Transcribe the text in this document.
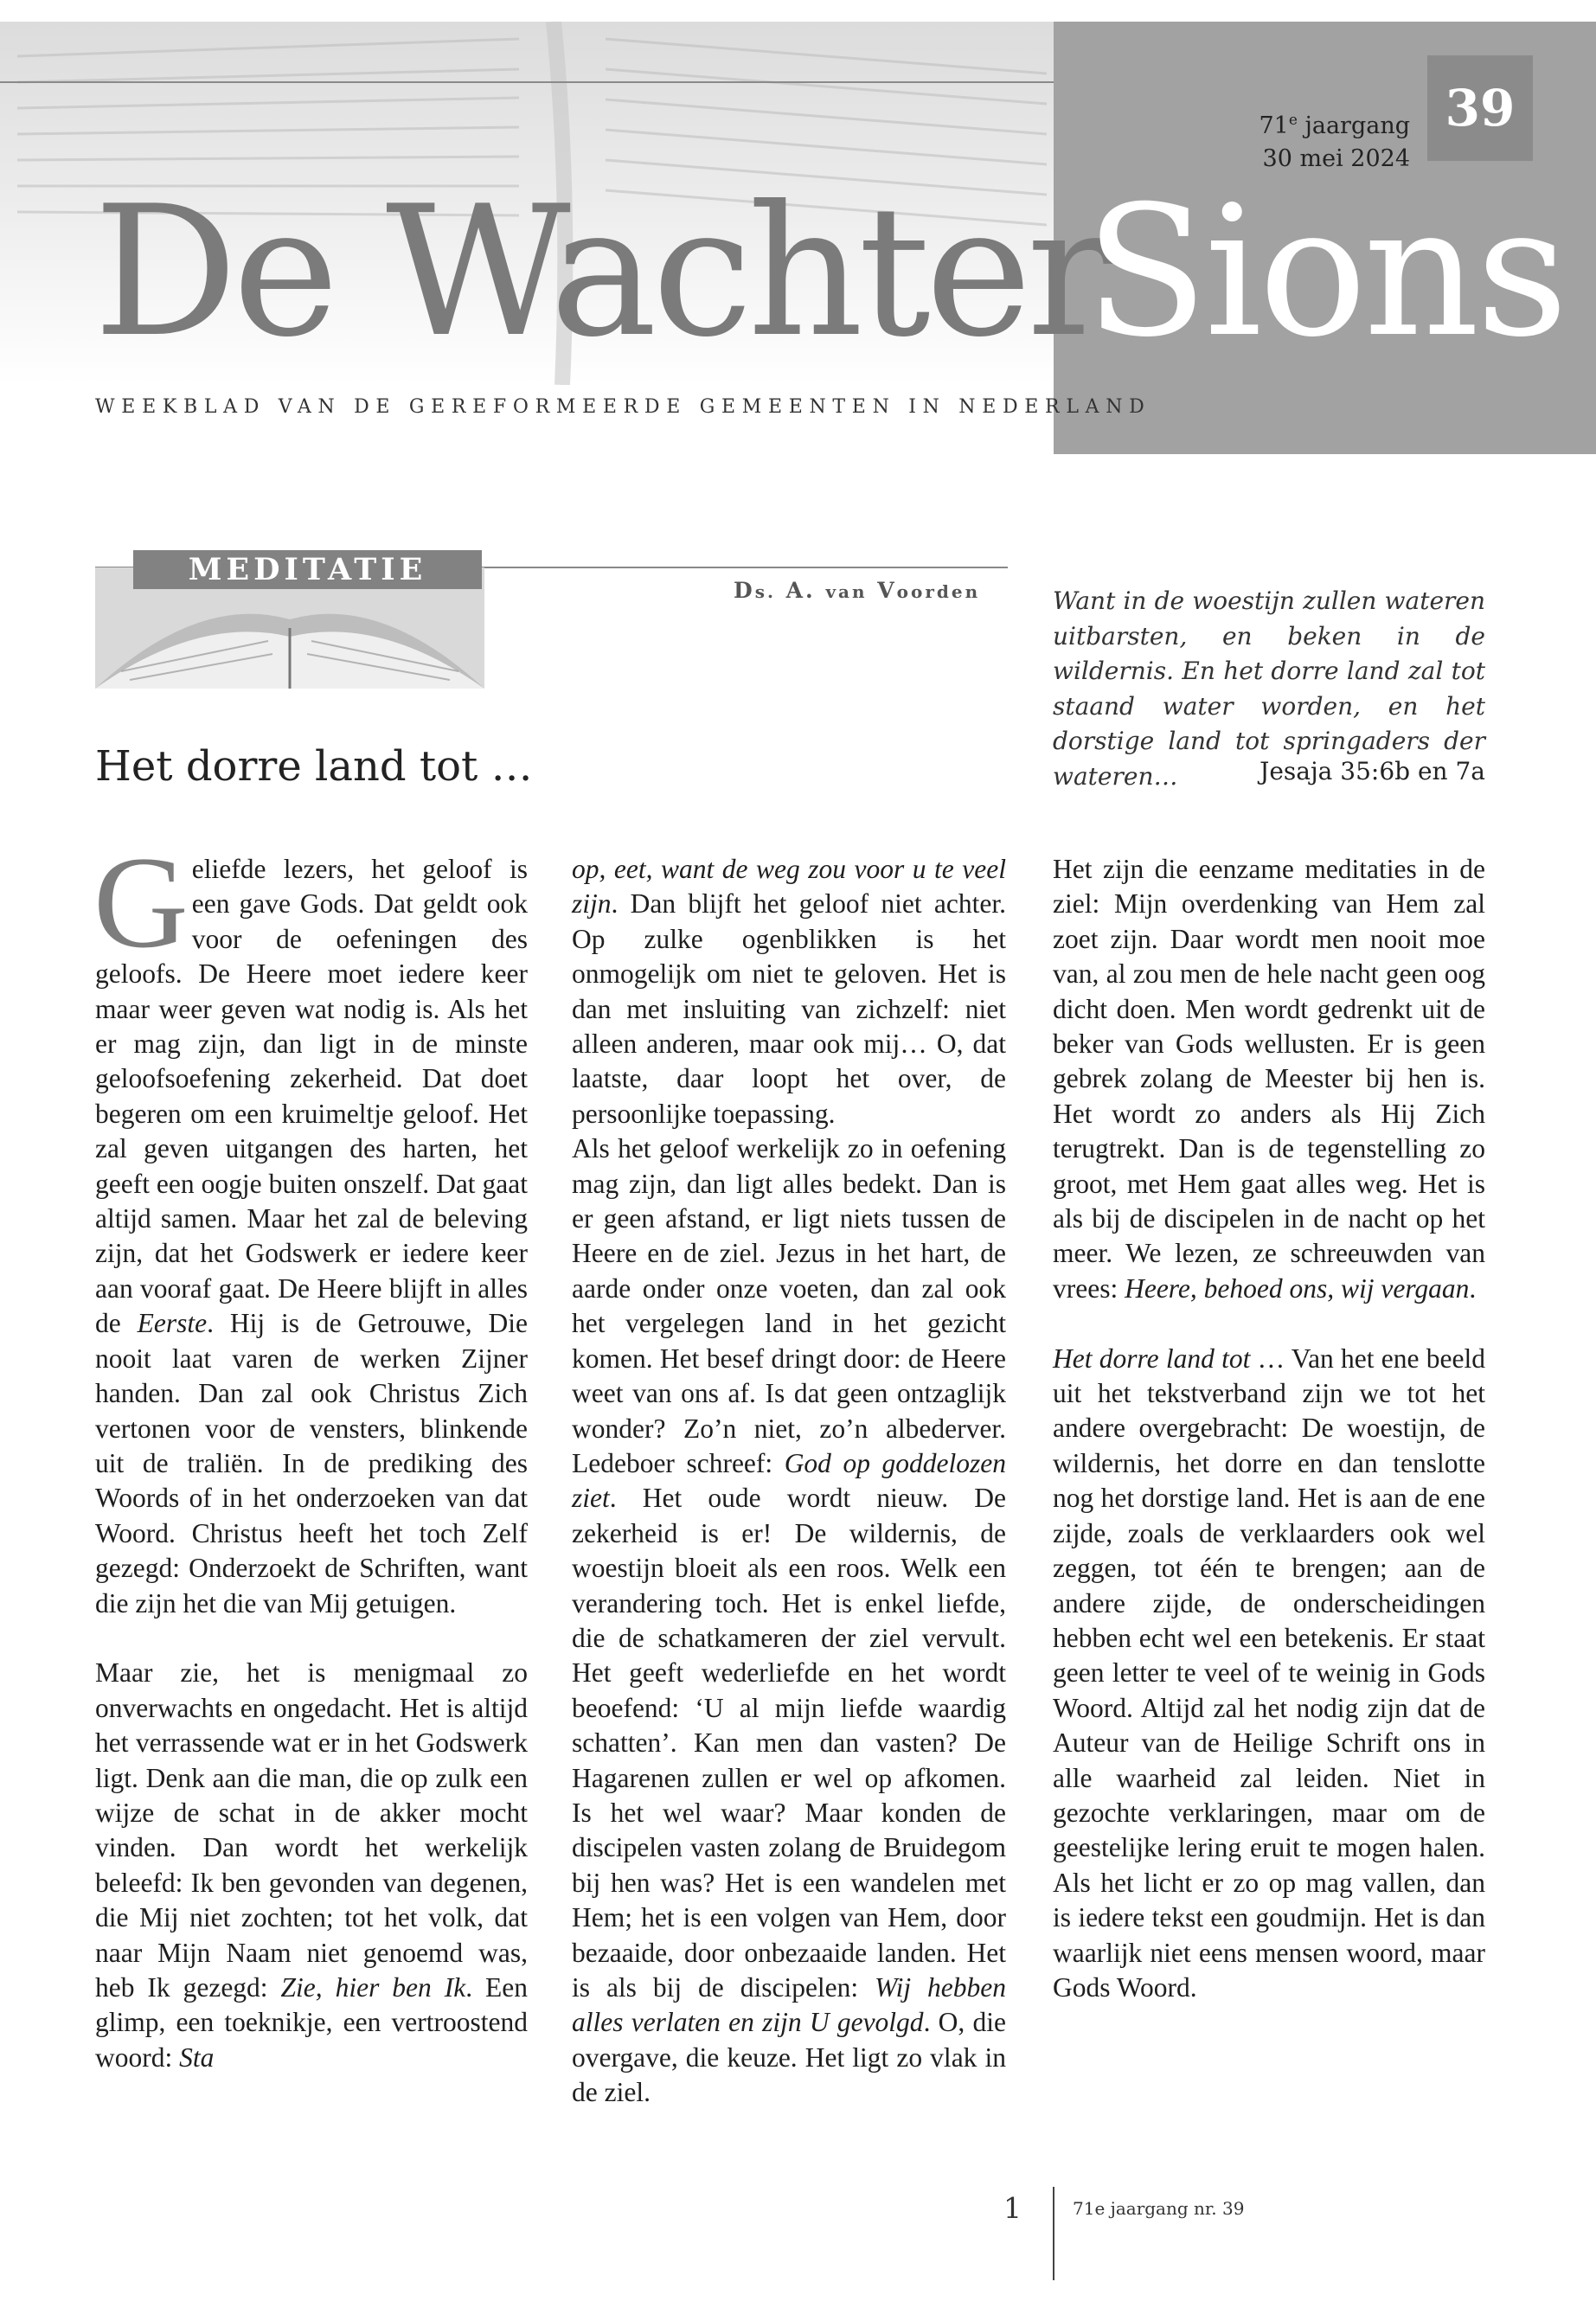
39
71e jaargang
30 mei 2024
De Wachter
Sions
WEEKBLAD VAN DE GEREFORMEERDE GEMEENTEN IN NEDERLAND
MEDITATIE
Ds. A. van Voorden
Het dorre land tot …
Want in de woestijn zullen wateren uitbarsten, en beken in de wildernis. En het dorre land zal tot staand water worden, en het dorstige land tot springaders der wateren…	Jesaja 35:6b en 7a

Geliefde lezers, het geloof is een gave Gods. Dat geldt ook voor de oefeningen des geloofs. De Heere moet iedere keer maar weer geven wat nodig is. Als het er mag zijn, dan ligt in de minste geloofsoefening zekerheid. Dat doet begeren om een kruimeltje geloof. Het zal geven uitgangen des harten, het geeft een oogje buiten onszelf. Dat gaat altijd samen. Maar het zal de beleving zijn, dat het Godswerk er iedere keer aan vooraf gaat. De Heere blijft in alles de Eerste. Hij is de Getrouwe, Die nooit laat varen de werken Zijner handen. Dan zal ook Christus Zich vertonen voor de vensters, blinkende uit de traliën. In de prediking des Woords of in het onderzoeken van dat Woord. Christus heeft het toch Zelf gezegd: Onderzoekt de Schriften, want die zijn het die van Mij getuigen.

Maar zie, het is menigmaal zo onverwachts en ongedacht. Het is altijd het verrassende wat er in het Godswerk ligt. Denk aan die man, die op zulk een wijze de schat in de akker mocht vinden. Dan wordt het werkelijk beleefd: Ik ben gevonden van degenen, die Mij niet zochten; tot het volk, dat naar Mijn Naam niet genoemd was, heb Ik gezegd: Zie, hier ben Ik. Een glimp, een toeknikje, een vertroostend woord: Sta

op, eet, want de weg zou voor u te veel zijn. Dan blijft het geloof niet achter. Op zulke ogenblikken is het onmogelijk om niet te geloven. Het is dan met insluiting van zichzelf: niet alleen anderen, maar ook mij… O, dat laatste, daar loopt het over, de persoonlijke toepassing.
Als het geloof werkelijk zo in oefening mag zijn, dan ligt alles bedekt. Dan is er geen afstand, er ligt niets tussen de Heere en de ziel. Jezus in het hart, de aarde onder onze voeten, dan zal ook het vergelegen land in het gezicht komen. Het besef dringt door: de Heere weet van ons af. Is dat geen ontzaglijk wonder? Zo’n niet, zo’n albederver. Ledeboer schreef: God op goddelozen ziet. Het oude wordt nieuw. De zekerheid is er! De wildernis, de woestijn bloeit als een roos. Welk een verandering toch. Het is enkel liefde, die de schatkameren der ziel vervult. Het geeft wederliefde en het wordt beoefend: ‘U al mijn liefde waardig schatten’. Kan men dan vasten? De Hagarenen zullen er wel op afkomen. Is het wel waar? Maar konden de discipelen vasten zolang de Bruidegom bij hen was? Het is een wandelen met Hem; het is een volgen van Hem, door bezaaide, door onbezaaide landen. Het is als bij de discipelen: Wij hebben alles verlaten en zijn U gevolgd. O, die overgave, die keuze. Het ligt zo vlak in de ziel.

Het zijn die eenzame meditaties in de ziel: Mijn overdenking van Hem zal zoet zijn. Daar wordt men nooit moe van, al zou men de hele nacht geen oog dicht doen. Men wordt gedrenkt uit de beker van Gods wellusten. Er is geen gebrek zolang de Meester bij hen is. Het wordt zo anders als Hij Zich terugtrekt. Dan is de tegenstelling zo groot, met Hem gaat alles weg. Het is als bij de discipelen in de nacht op het meer. We lezen, ze schreeuwden van vrees: Heere, behoed ons, wij vergaan.

Het dorre land tot … Van het ene beeld uit het tekstverband zijn we tot het andere overgebracht: De woestijn, de wildernis, het dorre en dan tenslotte nog het dorstige land. Het is aan de ene zijde, zoals de verklaarders ook wel zeggen, tot één te brengen; aan de andere zijde, de onderscheidingen hebben echt wel een betekenis. Er staat geen letter te veel of te weinig in Gods Woord. Altijd zal het nodig zijn dat de Auteur van de Heilige Schrift ons in alle waarheid zal leiden. Niet in gezochte verklaringen, maar om de geestelijke lering eruit te mogen halen. Als het licht er zo op mag vallen, dan is iedere tekst een goudmijn. Het is dan waarlijk niet eens mensen woord, maar Gods Woord.

1	71e jaargang nr. 39
